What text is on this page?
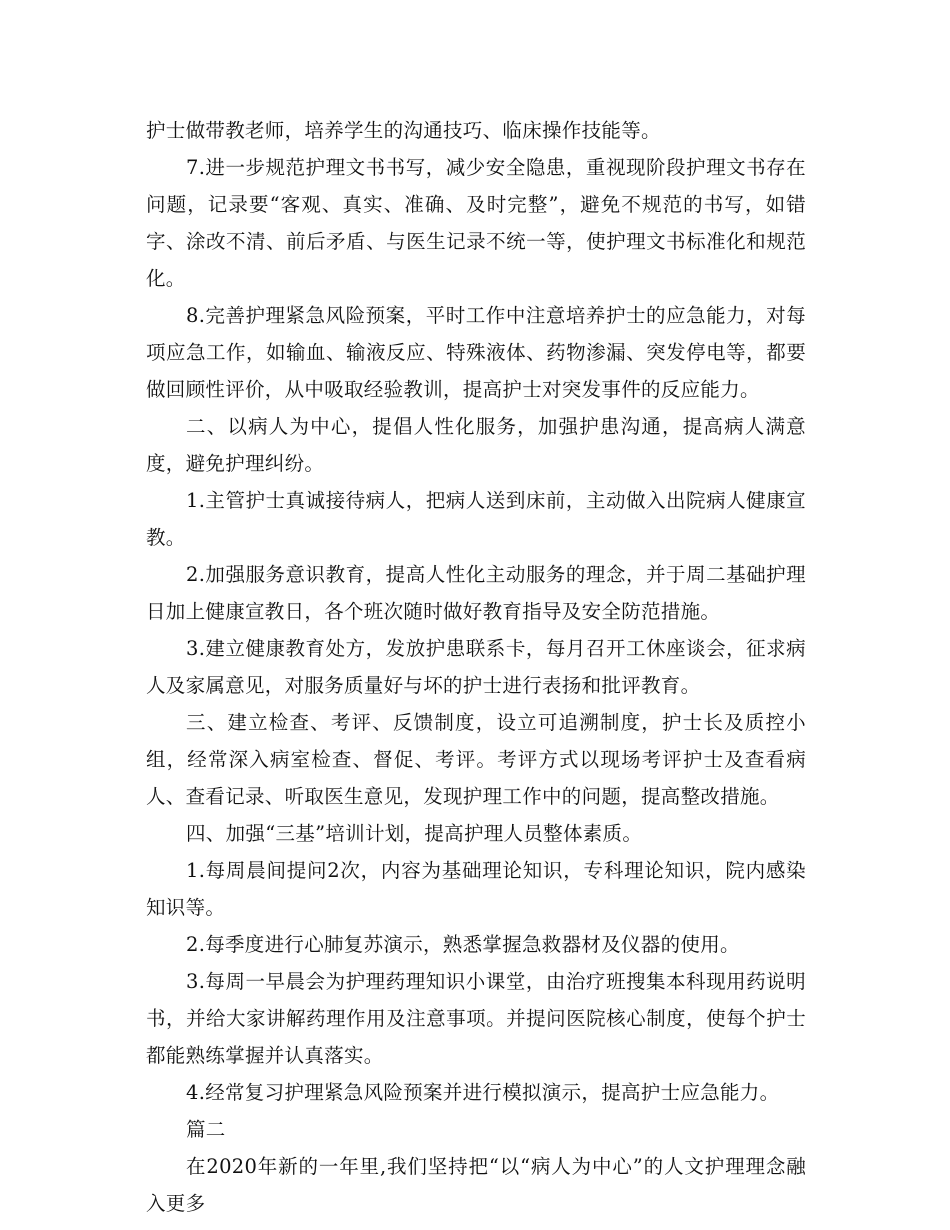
护士做带教老师，培养学生的沟通技巧、临床操作技能等。

7.进一步规范护理文书书写，减少安全隐患，重视现阶段护理文书存在问题，记录要“客观、真实、准确、及时完整”，避免不规范的书写，如错字、涂改不清、前后矛盾、与医生记录不统一等，使护理文书标准化和规范化。

8.完善护理紧急风险预案，平时工作中注意培养护士的应急能力，对每项应急工作，如输血、输液反应、特殊液体、药物渗漏、突发停电等，都要做回顾性评价，从中吸取经验教训，提高护士对突发事件的反应能力。

二、以病人为中心，提倡人性化服务，加强护患沟通，提高病人满意度，避免护理纠纷。

1.主管护士真诚接待病人，把病人送到床前，主动做入出院病人健康宣教。

2.加强服务意识教育，提高人性化主动服务的理念，并于周二基础护理日加上健康宣教日，各个班次随时做好教育指导及安全防范措施。

3.建立健康教育处方，发放护患联系卡，每月召开工休座谈会，征求病人及家属意见，对服务质量好与坏的护士进行表扬和批评教育。

三、建立检查、考评、反馈制度，设立可追溯制度，护士长及质控小组，经常深入病室检查、督促、考评。考评方式以现场考评护士及查看病人、查看记录、听取医生意见，发现护理工作中的问题，提高整改措施。

四、加强“三基”培训计划，提高护理人员整体素质。

1.每周晨间提问2次，内容为基础理论知识，专科理论知识，院内感染知识等。

2.每季度进行心肺复苏演示，熟悉掌握急救器材及仪器的使用。

3.每周一早晨会为护理药理知识小课堂，由治疗班搜集本科现用药说明书，并给大家讲解药理作用及注意事项。并提问医院核心制度，使每个护士都能熟练掌握并认真落实。

4.经常复习护理紧急风险预案并进行模拟演示，提高护士应急能力。

篇二

在2020年新的一年里,我们坚持把“以“病人为中心”的人文护理理念融入更多
